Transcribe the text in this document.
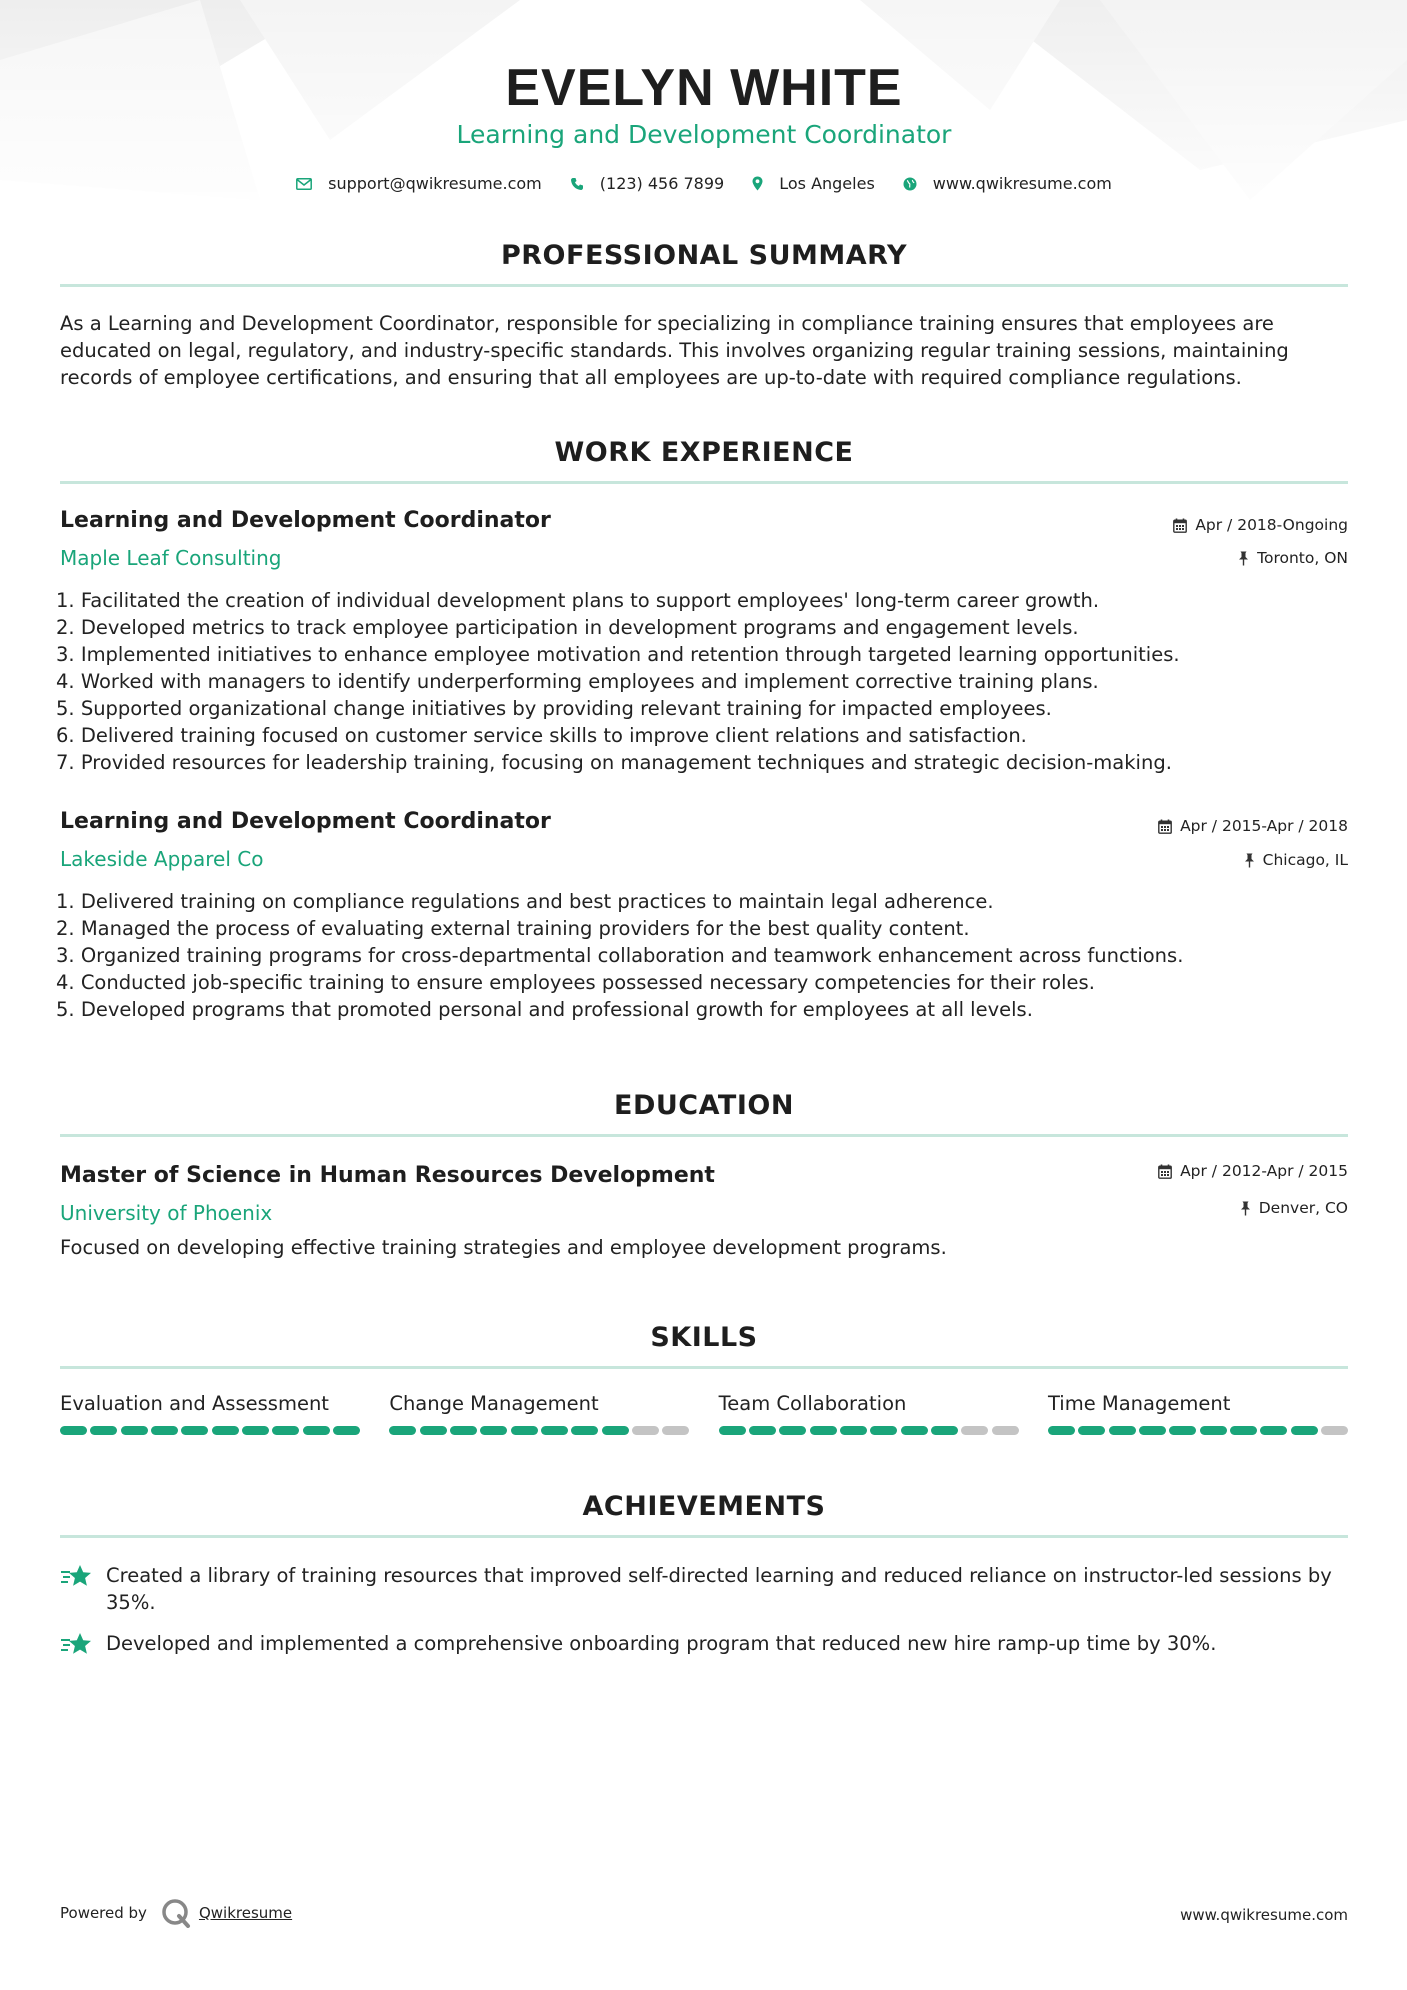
EVELYN WHITE
Learning and Development Coordinator
support@qwikresume.com	(123) 456 7899	Los Angeles	www.qwikresume.com
PROFESSIONAL SUMMARY
As a Learning and Development Coordinator, responsible for specializing in compliance training ensures that employees are educated on legal, regulatory, and industry-specific standards. This involves organizing regular training sessions, maintaining records of employee certifications, and ensuring that all employees are up-to-date with required compliance regulations.
WORK EXPERIENCE
Learning and Development Coordinator
Maple Leaf Consulting
Apr / 2018-Ongoing
Toronto, ON
1. Facilitated the creation of individual development plans to support employees' long-term career growth.
2. Developed metrics to track employee participation in development programs and engagement levels.
3. Implemented initiatives to enhance employee motivation and retention through targeted learning opportunities.
4. Worked with managers to identify underperforming employees and implement corrective training plans.
5. Supported organizational change initiatives by providing relevant training for impacted employees.
6. Delivered training focused on customer service skills to improve client relations and satisfaction.
7. Provided resources for leadership training, focusing on management techniques and strategic decision-making.
Learning and Development Coordinator
Lakeside Apparel Co
Apr / 2015-Apr / 2018
Chicago, IL
1. Delivered training on compliance regulations and best practices to maintain legal adherence.
2. Managed the process of evaluating external training providers for the best quality content.
3. Organized training programs for cross-departmental collaboration and teamwork enhancement across functions.
4. Conducted job-specific training to ensure employees possessed necessary competencies for their roles.
5. Developed programs that promoted personal and professional growth for employees at all levels.
EDUCATION
Master of Science in Human Resources Development
University of Phoenix
Apr / 2012-Apr / 2015
Denver, CO
Focused on developing effective training strategies and employee development programs.
SKILLS
Evaluation and Assessment	Change Management	Team Collaboration	Time Management
ACHIEVEMENTS
Created a library of training resources that improved self-directed learning and reduced reliance on instructor-led sessions by 35%.
Developed and implemented a comprehensive onboarding program that reduced new hire ramp-up time by 30%.
Powered by	Qwikresume	www.qwikresume.com
